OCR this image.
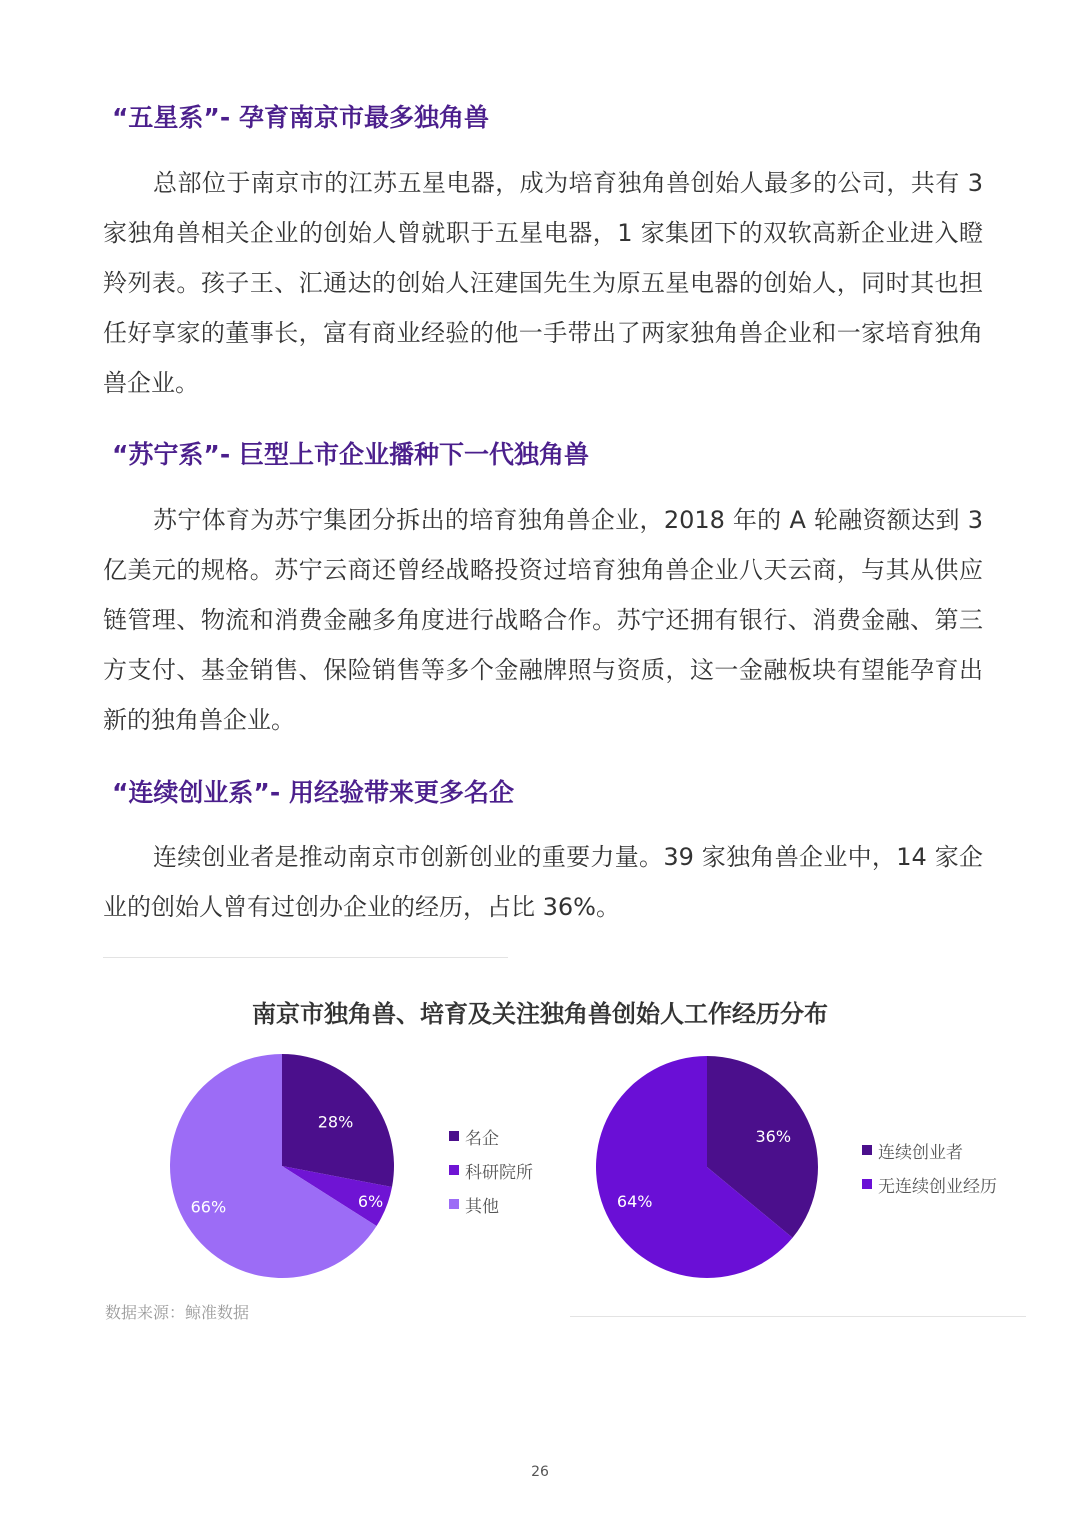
“五星系”- 孕育南京市最多独角兽

总部位于南京市的江苏五星电器，成为培育独角兽创始人最多的公司，共有 3 家独角兽相关企业的创始人曾就职于五星电器，1 家集团下的双软高新企业进入瞪羚列表。孩子王、汇通达的创始人汪建国先生为原五星电器的创始人，同时其也担任好享家的董事长，富有商业经验的他一手带出了两家独角兽企业和一家培育独角兽企业。

“苏宁系”- 巨型上市企业播种下一代独角兽

苏宁体育为苏宁集团分拆出的培育独角兽企业，2018 年的 A 轮融资额达到 3 亿美元的规格。苏宁云商还曾经战略投资过培育独角兽企业八天云商，与其从供应链管理、物流和消费金融多角度进行战略合作。苏宁还拥有银行、消费金融、第三方支付、基金销售、保险销售等多个金融牌照与资质，这一金融板块有望能孕育出新的独角兽企业。

“连续创业系”- 用经验带来更多名企

连续创业者是推动南京市创新创业的重要力量。39 家独角兽企业中，14 家企业的创始人曾有过创办企业的经历，占比 36%。

南京市独角兽、培育及关注独角兽创始人工作经历分布
28%
6%
66%
名企
科研院所
其他
36%
64%
连续创业者
无连续创业经历
数据来源：鲸准数据
26
